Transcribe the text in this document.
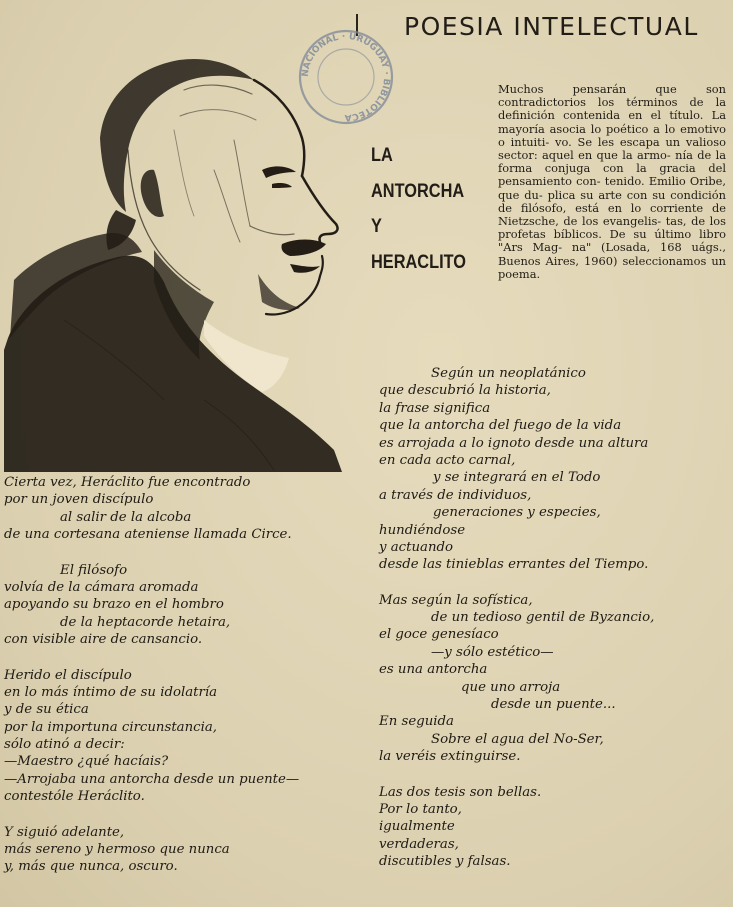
POESIA INTELECTUAL
NACIONAL · URUGUAY · BIBLIOTECA
LA
ANTORCHA
Y
HERACLITO
Muchos pensarán que son contradictorios los términos de la definición contenida en el título. La mayoría asocia lo poético a lo emotivo o intuiti- vo. Se les escapa un valioso sector: aquel en que la armo- nía de la forma conjuga con la gracia del pensamiento con- tenido. Emilio Oribe, que du- plica su arte con su condición de filósofo, está en lo corriente de Nietzsche, de los evangelis- tas, de los profetas bíblicos. De su último libro "Ars Mag- na" (Losada, 168 uágs., Buenos Aires, 1960) seleccionamos un poema.
Cierta vez, Heráclito fue encontrado
por un joven discípulo
al salir de la alcoba
de una cortesana ateniense llamada Circe.
El filósofo
volvía de la cámara aromada
apoyando su brazo en el hombro
de la heptacorde hetaira,
con visible aire de cansancio.
Herido el discípulo
en lo más íntimo de su idolatría
y de su ética
por la importuna circunstancia,
sólo atinó a decir:
—Maestro ¿qué hacíais?
—Arrojaba una antorcha desde un puente—
contestóle Heráclito.
Y siguió adelante,
más sereno y hermoso que nunca
y, más que nunca, oscuro.
Según un neoplatánico
que descubrió la historia,
la frase significa
que la antorcha del fuego de la vida
es arrojada a lo ignoto desde una altura
en cada acto carnal,
y se integrará en el Todo
a través de individuos,
generaciones y especies,
hundiéndose
y actuando
desde las tinieblas errantes del Tiempo.
Mas según la sofística,
de un tedioso gentil de Byzancio,
el goce genesíaco
—y sólo estético—
es una antorcha
que uno arroja
desde un puente...
En seguida
Sobre el agua del No-Ser,
la veréis extinguirse.
Las dos tesis son bellas.
Por lo tanto,
igualmente
verdaderas,
discutibles y falsas.
